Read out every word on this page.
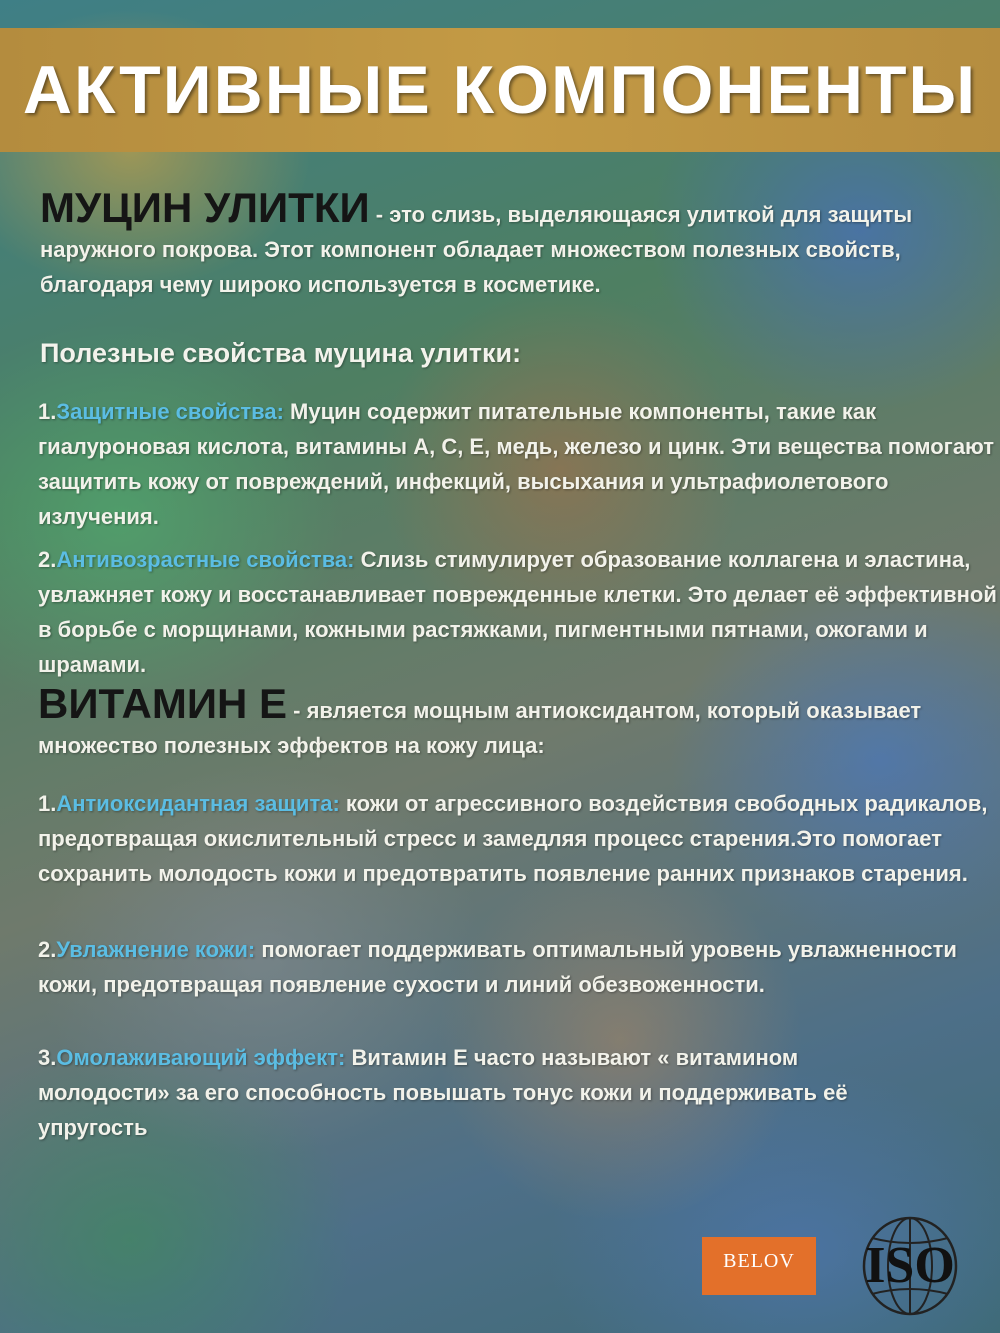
АКТИВНЫЕ КОМПОНЕНТЫ
МУЦИН УЛИТКИ - это слизь, выделяющаяся улиткой для защиты наружного покрова. Этот компонент обладает множеством полезных свойств, благодаря чему широко используется в косметике.
Полезные свойства муцина улитки:
1.Защитные свойства: Муцин содержит питательные компоненты, такие как гиалуроновая кислота, витамины А, С, Е, медь, железо и цинк. Эти вещества помогают защитить кожу от повреждений, инфекций, высыхания и ультрафиолетового излучения.
2.Антивозрастные свойства: Слизь стимулирует образование коллагена и эластина, увлажняет кожу и восстанавливает поврежденные клетки. Это делает её эффективной в борьбе с морщинами, кожными растяжками, пигментными пятнами, ожогами и шрамами.
ВИТАМИН Е - является мощным антиоксидантом, который оказывает множество полезных эффектов на кожу лица:
1.Антиоксидантная защита: кожи от агрессивного воздействия свободных радикалов, предотвращая окислительный стресс и замедляя процесс старения.Это помогает сохранить молодость кожи и предотвратить появление ранних признаков старения.
2.Увлажнение кожи: помогает поддерживать оптимальный уровень увлажненности кожи, предотвращая появление сухости и линий обезвоженности.
3.Омолаживающий эффект: Витамин Е часто называют « витамином молодости» за его способность повышать тонус кожи и поддерживать её упругость
BELOV	ISO
